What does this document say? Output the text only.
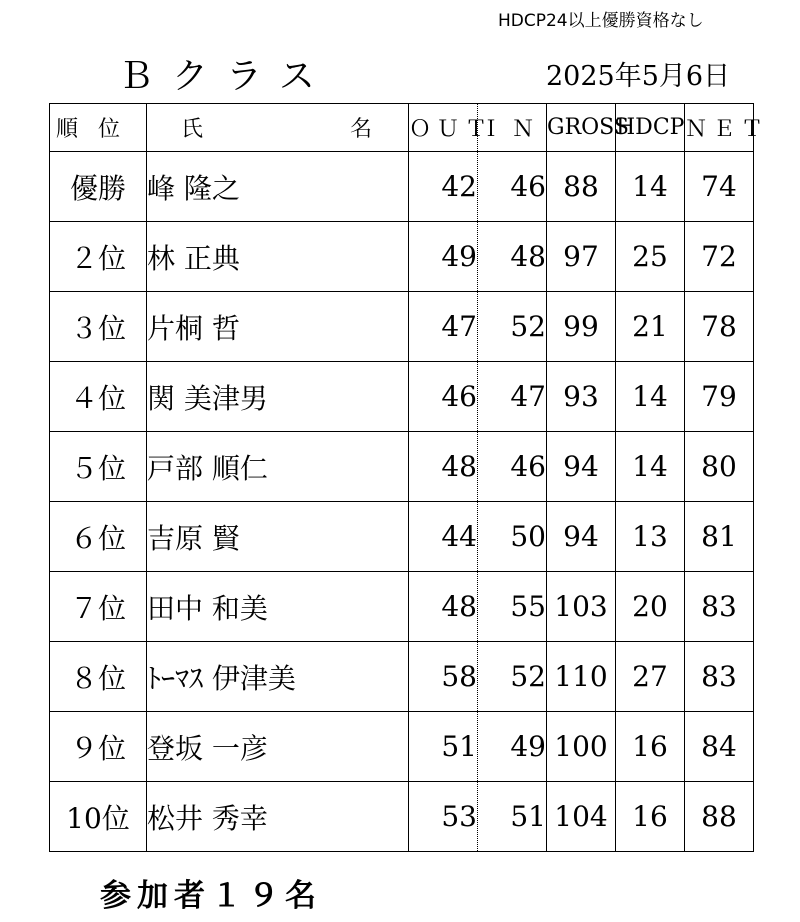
HDCP24以上優勝資格なし
Ｂクラス	2025年5月6日
順位	氏 名	ＯＵＴ	ＩＮ	GROSS	HDCP	ＮＥＴ
優勝	峰 隆之	42	46	88	14	74
２位	林 正典	49	48	97	25	72
３位	片桐 哲	47	52	99	21	78
４位	関 美津男	46	47	93	14	79
５位	戸部 順仁	48	46	94	14	80
６位	吉原 賢	44	50	94	13	81
７位	田中 和美	48	55	103	20	83
８位	ﾄｰﾏｽ 伊津美	58	52	110	27	83
９位	登坂 一彦	51	49	100	16	84
10位	松井 秀幸	53	51	104	16	88
参加者１９名
